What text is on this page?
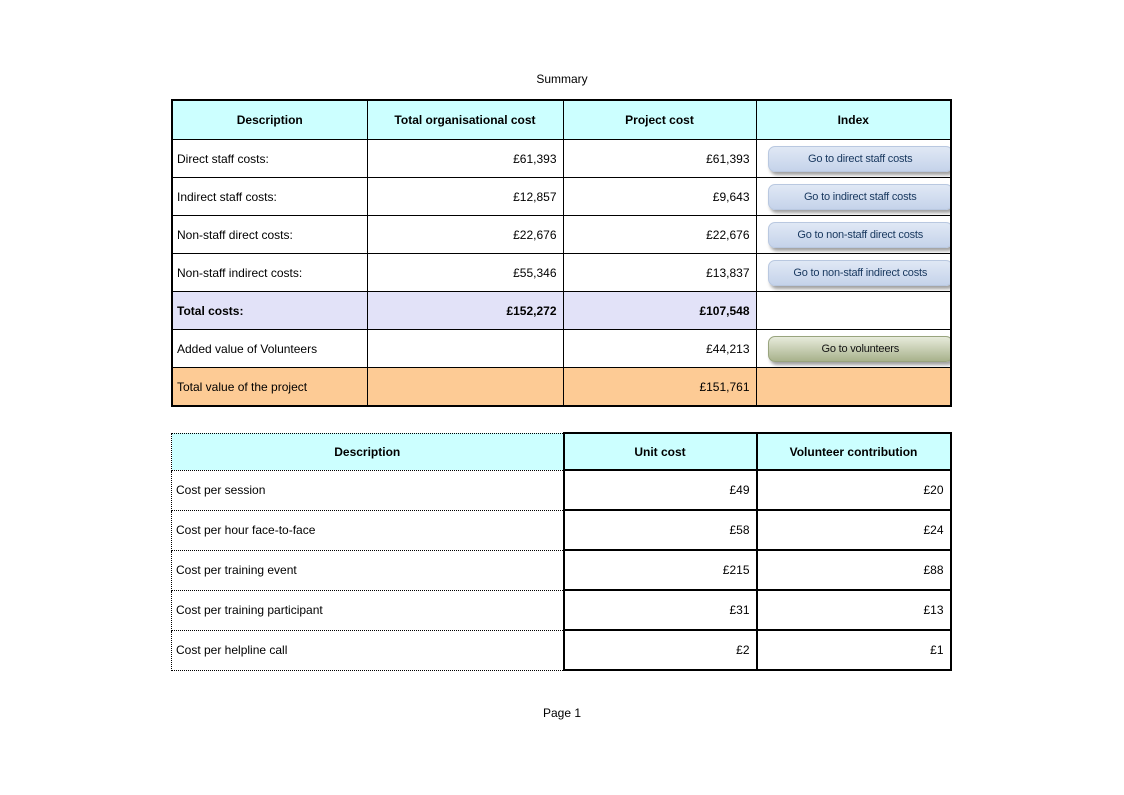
Summary
Description	Total organisational cost	Project cost	Index
Direct staff costs:	£61,393	£61,393	Go to direct staff costs

Indirect staff costs:	£12,857	£9,643	Go to indirect staff costs

Non-staff direct costs:	£22,676	£22,676	Go to non-staff direct costs

Non-staff indirect costs:	£55,346	£13,837	Go to non-staff indirect costs

Total costs:	£152,272	£107,548	
Added value of Volunteers		£44,213	Go to volunteers

Total value of the project		£151,761	
Description	Unit cost	Volunteer contribution
Cost per session	£49	£20
Cost per hour face-to-face	£58	£24
Cost per training event	£215	£88
Cost per training participant	£31	£13
Cost per helpline call	£2	£1
Page 1
